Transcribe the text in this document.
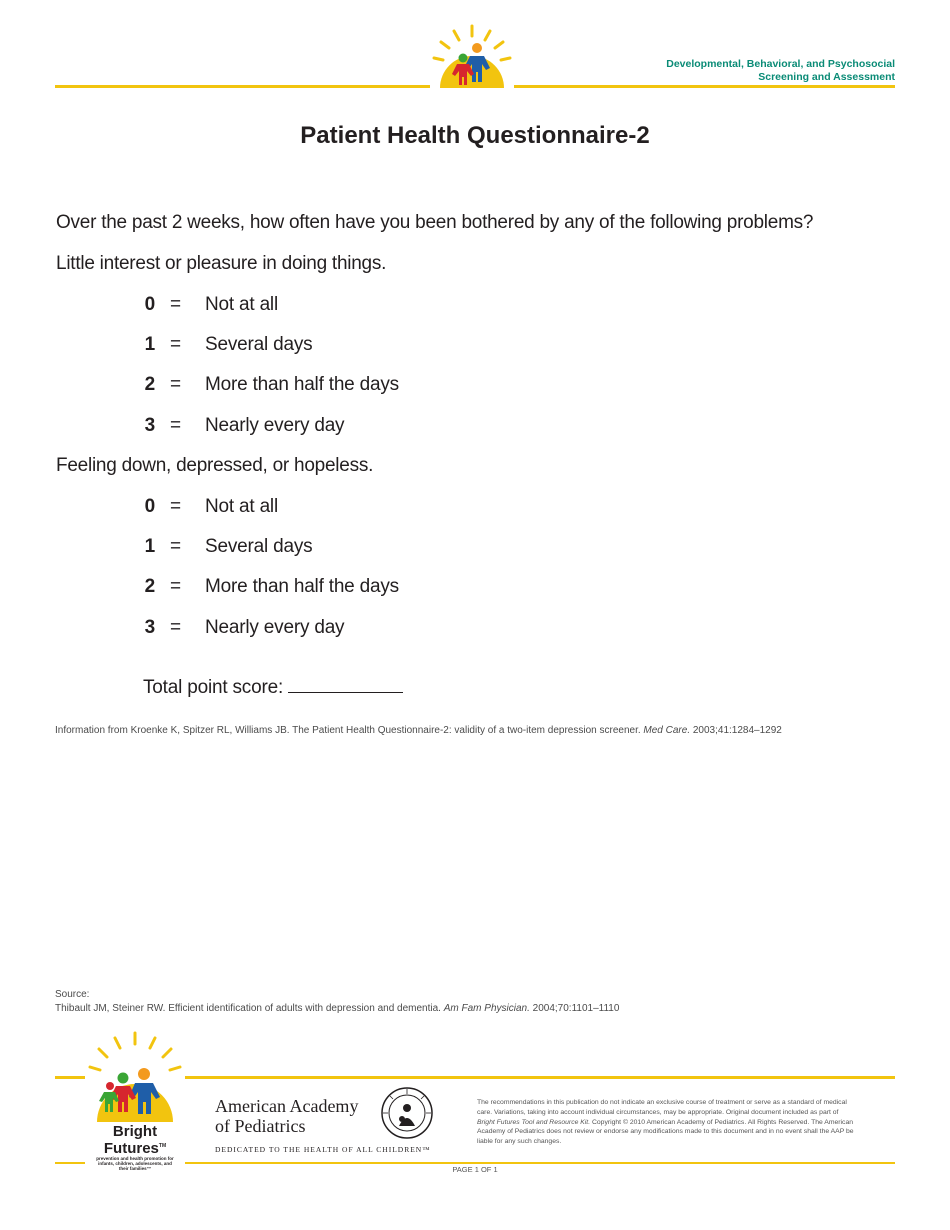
Developmental, Behavioral, and Psychosocial
Screening and Assessment
Patient Health Questionnaire-2
Over the past 2 weeks, how often have you been bothered by any of the following problems?
Little interest or pleasure in doing things.
0 = Not at all
1 = Several days
2 = More than half the days
3 = Nearly every day
Feeling down, depressed, or hopeless.
0 = Not at all
1 = Several days
2 = More than half the days
3 = Nearly every day
Total point score:
Information from Kroenke K, Spitzer RL, Williams JB. The Patient Health Questionnaire-2: validity of a two-item depression screener. Med Care. 2003;41:1284–1292
Source:
Thibault JM, Steiner RW. Efficient identification of adults with depression and dementia. Am Fam Physician. 2004;70:1101–1110
Bright
Futures™
prevention and health promotion for infants, children, adolescents, and their families™
American Academy
of Pediatrics
DEDICATED TO THE HEALTH OF ALL CHILDREN™
The recommendations in this publication do not indicate an exclusive course of treatment or serve as a standard of medical care. Variations, taking into account individual circumstances, may be appropriate. Original document included as part of Bright Futures Tool and Resource Kit. Copyright © 2010 American Academy of Pediatrics. All Rights Reserved. The American Academy of Pediatrics does not review or endorse any modifications made to this document and in no event shall the AAP be liable for any such changes.
PAGE 1 OF 1
